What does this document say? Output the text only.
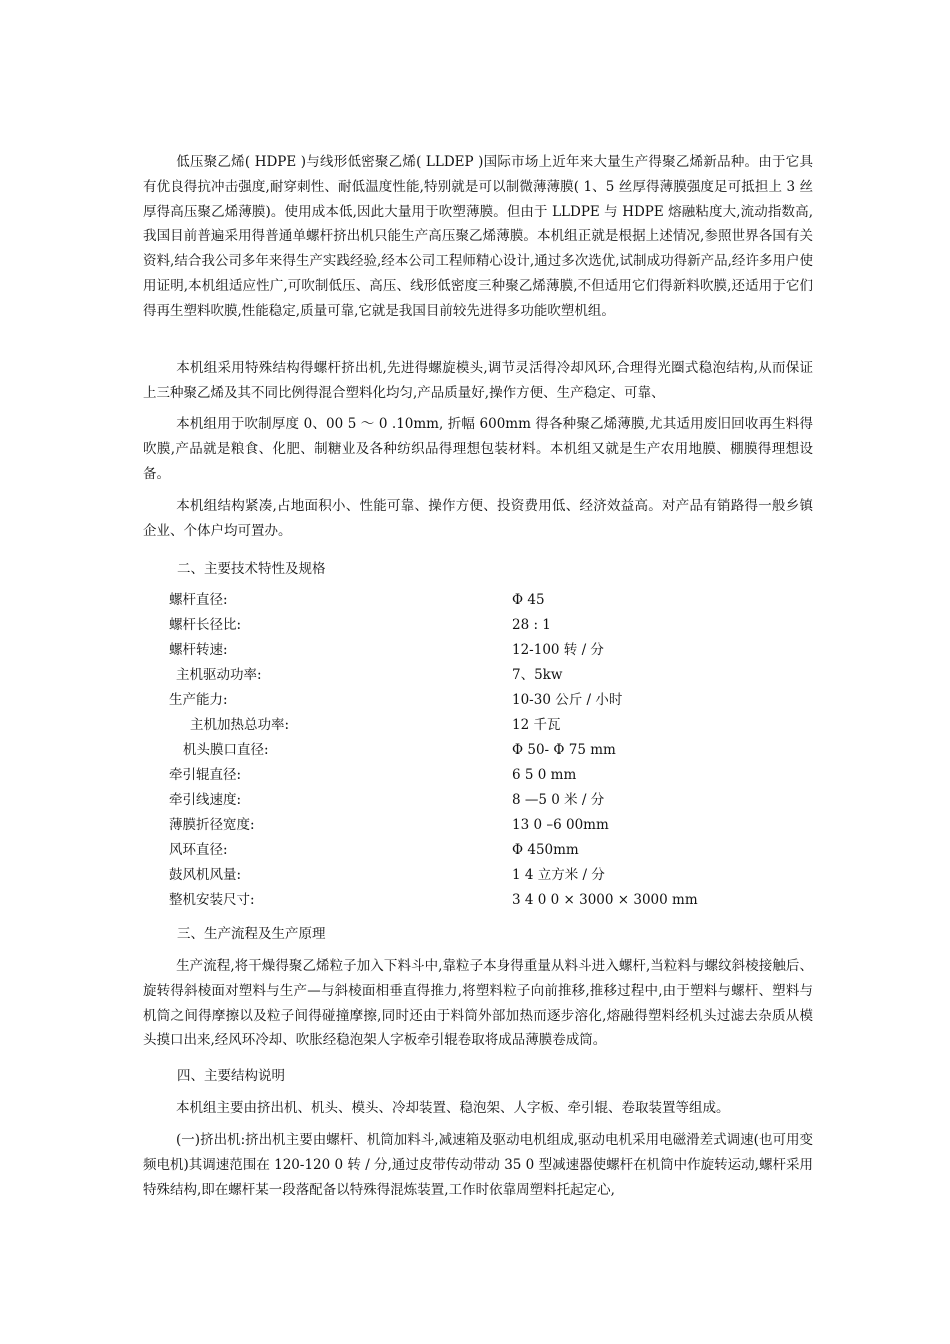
低压聚乙烯( HDPE )与线形低密聚乙烯( LLDEP )国际市场上近年来大量生产得聚乙烯新品种。由于它具有优良得抗冲击强度,耐穿刺性、耐低温度性能,特别就是可以制微薄薄膜( 1、5 丝厚得薄膜强度足可抵担上 3 丝厚得高压聚乙烯薄膜)。使用成本低,因此大量用于吹塑薄膜。但由于 LLDPE 与 HDPE 熔融粘度大,流动指数高,我国目前普遍采用得普通单螺杆挤出机只能生产高压聚乙烯薄膜。本机组正就是根据上述情况,参照世界各国有关资料,结合我公司多年来得生产实践经验,经本公司工程师精心设计,通过多次选优,试制成功得新产品,经许多用户使用证明,本机组适应性广,可吹制低压、高压、线形低密度三种聚乙烯薄膜,不但适用它们得新料吹膜,还适用于它们得再生塑料吹膜,性能稳定,质量可靠,它就是我国目前较先进得多功能吹塑机组。

本机组采用特殊结构得螺杆挤出机,先进得螺旋模头,调节灵活得冷却风环,合理得光圈式稳泡结构,从而保证上三种聚乙烯及其不同比例得混合塑料化均匀,产品质量好,操作方便、生产稳定、可靠、

本机组用于吹制厚度 0、00 5 ～ 0 .10mm, 折幅 600mm 得各种聚乙烯薄膜,尤其适用废旧回收再生料得吹膜,产品就是粮食、化肥、制糖业及各种纺织品得理想包装材料。本机组又就是生产农用地膜、棚膜得理想设备。

本机组结构紧凑,占地面积小、性能可靠、操作方便、投资费用低、经济效益高。对产品有销路得一般乡镇企业、个体户均可置办。

二、主要技术特性及规格

螺杆直径:	Φ 45
螺杆长径比:	28 : 1
螺杆转速:	12-100 转 / 分
主机驱动功率:	7、5kw
生产能力:	10-30 公斤 / 小时
主机加热总功率:	12 千瓦
机头膜口直径:	Φ 50- Φ 75 mm
牵引辊直径:	6 5 0 mm
牵引线速度:	8 —5 0 米 / 分
薄膜折径宽度:	13 0 –6 00mm
风环直径:	Φ 450mm
鼓风机风量:	1 4 立方米 / 分
整机安装尺寸:	3 4 0 0 × 3000 × 3000 mm

三、生产流程及生产原理

生产流程,将干燥得聚乙烯粒子加入下料斗中,靠粒子本身得重量从料斗进入螺杆,当粒料与螺纹斜棱接触后、旋转得斜棱面对塑料与生产—与斜棱面相垂直得推力,将塑料粒子向前推移,推移过程中,由于塑料与螺杆、塑料与机筒之间得摩擦以及粒子间得碰撞摩擦,同时还由于料筒外部加热而逐步溶化,熔融得塑料经机头过滤去杂质从模头摸口出来,经风环冷却、吹胀经稳泡架人字板牵引辊卷取将成品薄膜卷成筒。

四、主要结构说明

本机组主要由挤出机、机头、模头、冷却装置、稳泡架、人字板、牵引辊、卷取装置等组成。

(一)挤出机:挤出机主要由螺杆、机筒加料斗,减速箱及驱动电机组成,驱动电机采用电磁滑差式调速(也可用变频电机)其调速范围在 120-120 0 转 / 分,通过皮带传动带动 35 0 型减速器使螺杆在机筒中作旋转运动,螺杆采用特殊结构,即在螺杆某一段落配备以特殊得混炼装置,工作时依靠周塑料托起定心,
